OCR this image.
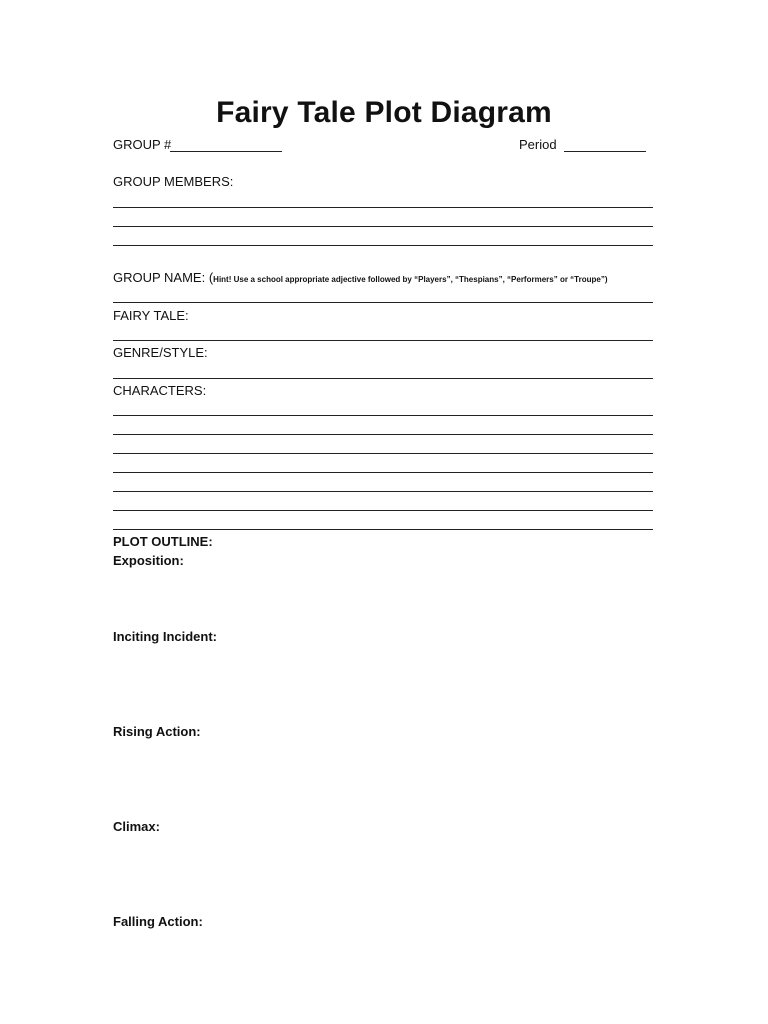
Fairy Tale Plot Diagram
GROUP #	Period
GROUP MEMBERS:
GROUP NAME: (Hint! Use a school appropriate adjective followed by “Players”, “Thespians”, “Performers” or “Troupe”)
FAIRY TALE:
GENRE/STYLE:
CHARACTERS:
PLOT OUTLINE:
Exposition:
Inciting Incident:
Rising Action:
Climax:
Falling Action:
